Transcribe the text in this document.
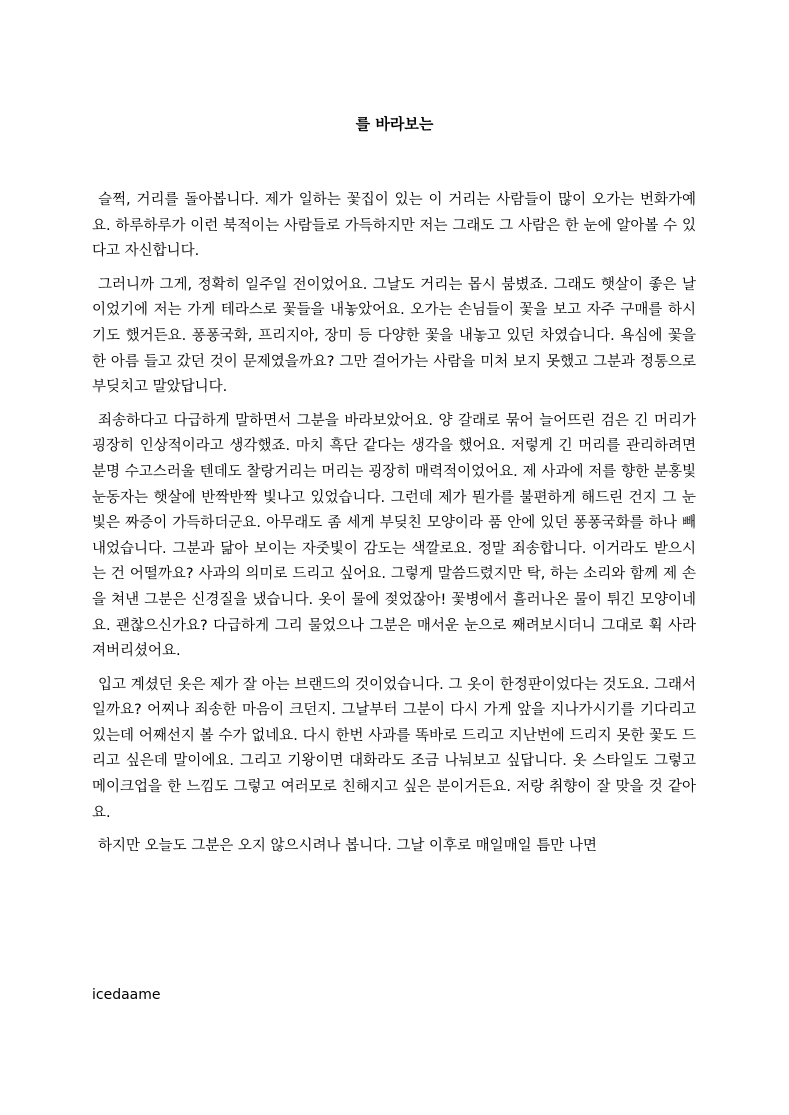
를 바라보는

슬쩍, 거리를 돌아봅니다. 제가 일하는 꽃집이 있는 이 거리는 사람들이 많이 오가는 번화가예요. 하루하루가 이런 북적이는 사람들로 가득하지만 저는 그래도 그 사람은 한 눈에 알아볼 수 있다고 자신합니다.

그러니까 그게, 정확히 일주일 전이었어요. 그날도 거리는 몹시 붐볐죠. 그래도 햇살이 좋은 날이었기에 저는 가게 테라스로 꽃들을 내놓았어요. 오가는 손님들이 꽃을 보고 자주 구매를 하시기도 했거든요. 퐁퐁국화, 프리지아, 장미 등 다양한 꽃을 내놓고 있던 차였습니다. 욕심에 꽃을 한 아름 들고 갔던 것이 문제였을까요? 그만 걸어가는 사람을 미처 보지 못했고 그분과 정통으로 부딪치고 말았답니다.

죄송하다고 다급하게 말하면서 그분을 바라보았어요. 양 갈래로 묶어 늘어뜨린 검은 긴 머리가 굉장히 인상적이라고 생각했죠. 마치 흑단 같다는 생각을 했어요. 저렇게 긴 머리를 관리하려면 분명 수고스러울 텐데도 찰랑거리는 머리는 굉장히 매력적이었어요. 제 사과에 저를 향한 분홍빛 눈동자는 햇살에 반짝반짝 빛나고 있었습니다. 그런데 제가 뭔가를 불편하게 해드린 건지 그 눈빛은 짜증이 가득하더군요. 아무래도 좀 세게 부딪친 모양이라 품 안에 있던 퐁퐁국화를 하나 빼내었습니다. 그분과 닮아 보이는 자줏빛이 감도는 색깔로요. 정말 죄송합니다. 이거라도 받으시는 건 어떨까요? 사과의 의미로 드리고 싶어요. 그렇게 말씀드렸지만 탁, 하는 소리와 함께 제 손을 쳐낸 그분은 신경질을 냈습니다. 옷이 물에 젖었잖아! 꽃병에서 흘러나온 물이 튀긴 모양이네요. 괜찮으신가요? 다급하게 그리 물었으나 그분은 매서운 눈으로 째려보시더니 그대로 휙 사라져버리셨어요.

입고 계셨던 옷은 제가 잘 아는 브랜드의 것이었습니다. 그 옷이 한정판이었다는 것도요. 그래서일까요? 어찌나 죄송한 마음이 크던지. 그날부터 그분이 다시 가게 앞을 지나가시기를 기다리고 있는데 어째선지 볼 수가 없네요. 다시 한번 사과를 똑바로 드리고 지난번에 드리지 못한 꽃도 드리고 싶은데 말이에요. 그리고 기왕이면 대화라도 조금 나눠보고 싶답니다. 옷 스타일도 그렇고 메이크업을 한 느낌도 그렇고 여러모로 친해지고 싶은 분이거든요. 저랑 취향이 잘 맞을 것 같아요.

하지만 오늘도 그분은 오지 않으시려나 봅니다. 그날 이후로 매일매일 틈만 나면

icedaame
